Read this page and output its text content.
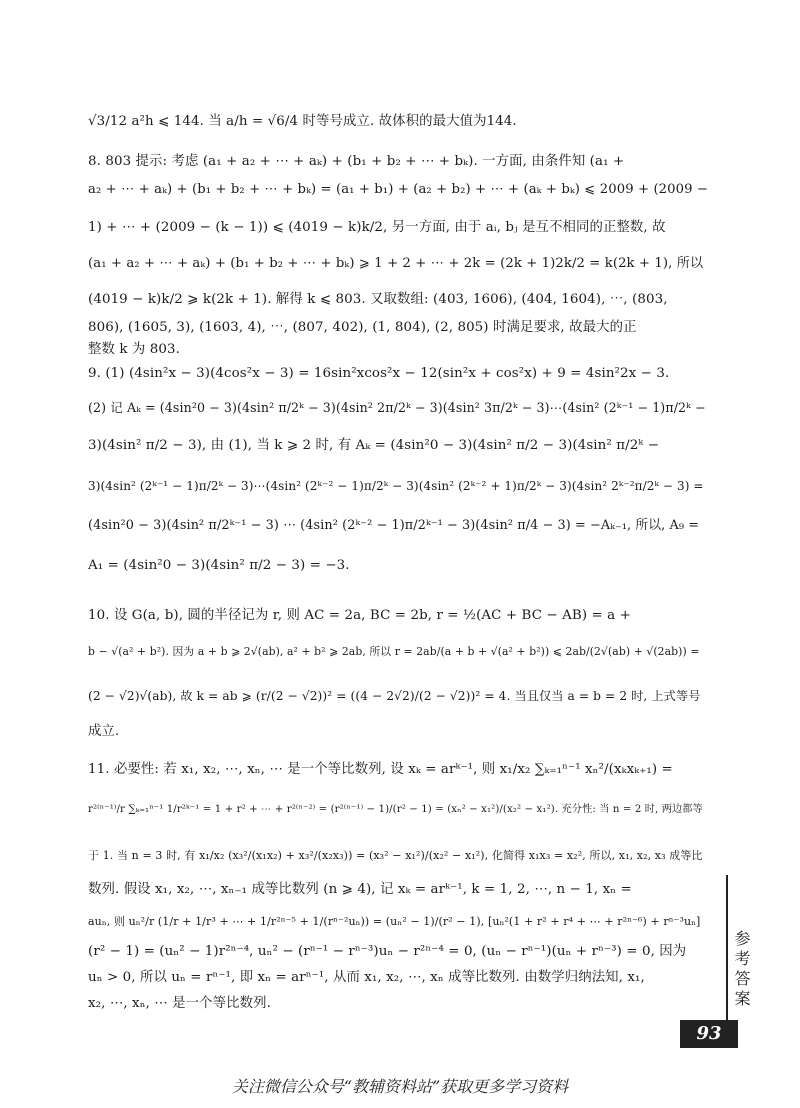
√3/12 a²h ⩽ 144. 当 a/h = √6/4 时等号成立. 故体积的最大值为144.
8. 803 提示: 考虑 (a₁ + a₂ + ⋯ + aₖ) + (b₁ + b₂ + ⋯ + bₖ). 一方面, 由条件知 (a₁ +
a₂ + ⋯ + aₖ) + (b₁ + b₂ + ⋯ + bₖ) = (a₁ + b₁) + (a₂ + b₂) + ⋯ + (aₖ + bₖ) ⩽ 2009 + (2009 −
1) + ⋯ + (2009 − (k − 1)) ⩽ (4019 − k)k/2, 另一方面, 由于 aᵢ, bⱼ 是互不相同的正整数, 故
(a₁ + a₂ + ⋯ + aₖ) + (b₁ + b₂ + ⋯ + bₖ) ⩾ 1 + 2 + ⋯ + 2k = (2k + 1)2k/2 = k(2k + 1), 所以
(4019 − k)k/2 ⩾ k(2k + 1). 解得 k ⩽ 803. 又取数组: (403, 1606), (404, 1604), ⋯, (803,
806), (1605, 3), (1603, 4), ⋯, (807, 402), (1, 804), (2, 805) 时满足要求, 故最大的正
整数 k 为 803.
9. (1) (4sin²x − 3)(4cos²x − 3) = 16sin²xcos²x − 12(sin²x + cos²x) + 9 = 4sin²2x − 3.
(2) 记 Aₖ = (4sin²0 − 3)(4sin² π/2ᵏ − 3)(4sin² 2π/2ᵏ − 3)(4sin² 3π/2ᵏ − 3)⋯(4sin² (2ᵏ⁻¹ − 1)π/2ᵏ −
3)(4sin² π/2 − 3), 由 (1), 当 k ⩾ 2 时, 有 Aₖ = (4sin²0 − 3)(4sin² π/2 − 3)(4sin² π/2ᵏ −
3)(4sin² (2ᵏ⁻¹ − 1)π/2ᵏ − 3)⋯(4sin² (2ᵏ⁻² − 1)π/2ᵏ − 3)(4sin² (2ᵏ⁻² + 1)π/2ᵏ − 3)(4sin² 2ᵏ⁻²π/2ᵏ − 3) =
(4sin²0 − 3)(4sin² π/2ᵏ⁻¹ − 3) ⋯ (4sin² (2ᵏ⁻² − 1)π/2ᵏ⁻¹ − 3)(4sin² π/4 − 3) = −Aₖ₋₁, 所以, A₉ =
A₁ = (4sin²0 − 3)(4sin² π/2 − 3) = −3.
10. 设 G(a, b), 圆的半径记为 r, 则 AC = 2a, BC = 2b, r = ½(AC + BC − AB) = a +
b − √(a² + b²). 因为 a + b ⩾ 2√(ab), a² + b² ⩾ 2ab, 所以 r = 2ab/(a + b + √(a² + b²)) ⩽ 2ab/(2√(ab) + √(2ab)) =
(2 − √2)√(ab), 故 k = ab ⩾ (r/(2 − √2))² = ((4 − 2√2)/(2 − √2))² = 4. 当且仅当 a = b = 2 时, 上式等号
成立.
11. 必要性: 若 x₁, x₂, ⋯, xₙ, ⋯ 是一个等比数列, 设 xₖ = arᵏ⁻¹, 则 x₁/x₂ ∑ₖ₌₁ⁿ⁻¹ xₙ²/(xₖxₖ₊₁) =
r²⁽ⁿ⁻¹⁾/r ∑ₖ₌₁ⁿ⁻¹ 1/r²ᵏ⁻¹ = 1 + r² + ⋯ + r²⁽ⁿ⁻²⁾ = (r²⁽ⁿ⁻¹⁾ − 1)/(r² − 1) = (xₙ² − x₁²)/(x₂² − x₁²). 充分性: 当 n = 2 时, 两边都等
于 1. 当 n = 3 时, 有 x₁/x₂ (x₃²/(x₁x₂) + x₃²/(x₂x₃)) = (x₃² − x₁²)/(x₂² − x₁²), 化简得 x₁x₃ = x₂², 所以, x₁, x₂, x₃ 成等比
数列. 假设 x₁, x₂, ⋯, xₙ₋₁ 成等比数列 (n ⩾ 4), 记 xₖ = arᵏ⁻¹, k = 1, 2, ⋯, n − 1, xₙ =
auₙ, 则 uₙ²/r (1/r + 1/r³ + ⋯ + 1/r²ⁿ⁻⁵ + 1/(rⁿ⁻²uₙ)) = (uₙ² − 1)/(r² − 1), [uₙ²(1 + r² + r⁴ + ⋯ + r²ⁿ⁻⁶) + rⁿ⁻³uₙ]
(r² − 1) = (uₙ² − 1)r²ⁿ⁻⁴, uₙ² − (rⁿ⁻¹ − rⁿ⁻³)uₙ − r²ⁿ⁻⁴ = 0, (uₙ − rⁿ⁻¹)(uₙ + rⁿ⁻³) = 0, 因为
uₙ > 0, 所以 uₙ = rⁿ⁻¹, 即 xₙ = arⁿ⁻¹, 从而 x₁, x₂, ⋯, xₙ 成等比数列. 由数学归纳法知, x₁,
x₂, ⋯, xₙ, ⋯ 是一个等比数列.	参考答案
93
关注微信公众号“教辅资料站”获取更多学习资料
